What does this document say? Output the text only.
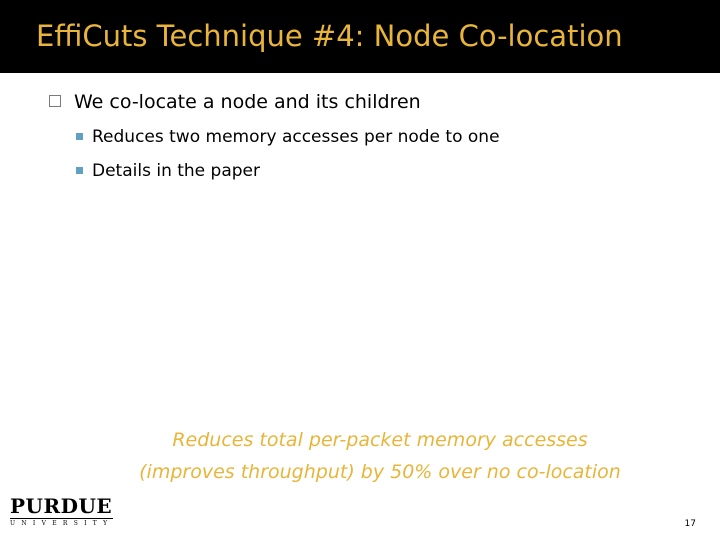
EffiCuts Technique #4: Node Co-location
We co-locate a node and its children
Reduces two memory accesses per node to one
Details in the paper
Reduces total per-packet memory accesses
(improves throughput) by 50% over no co-location
PURDUE
UNIVERSITY	17
